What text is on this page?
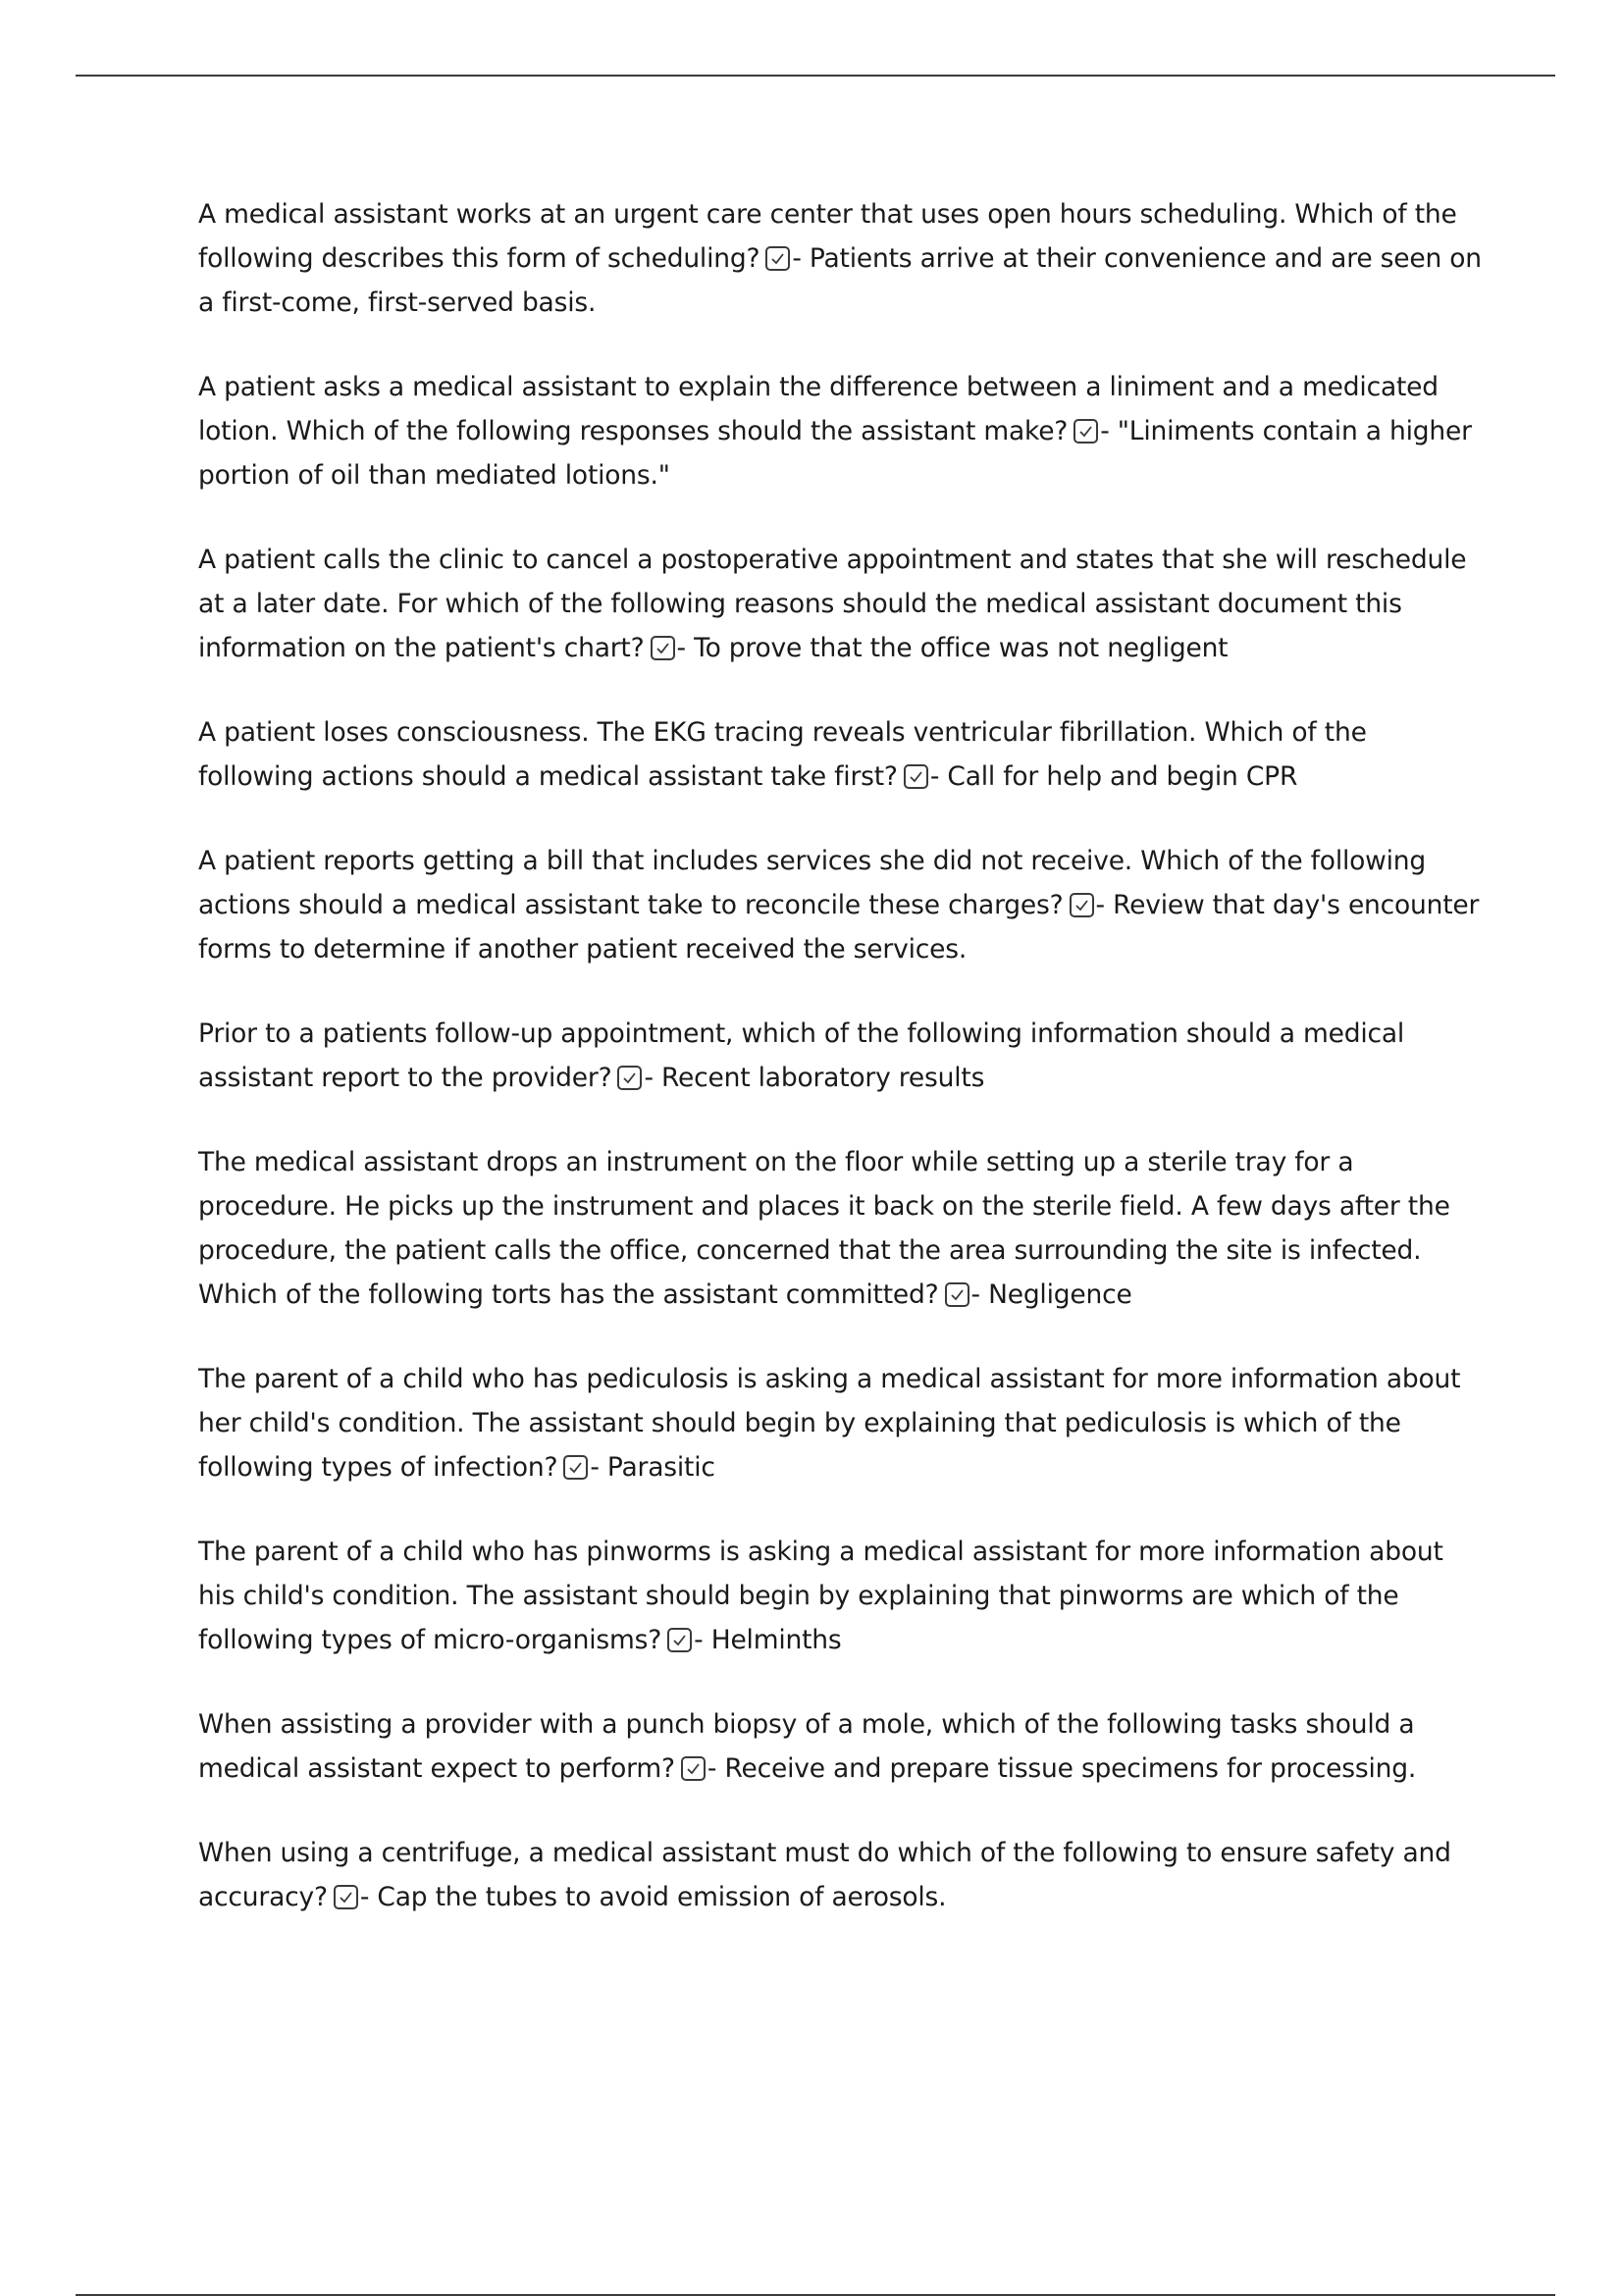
A medical assistant works at an urgent care center that uses open hours scheduling. Which of the following describes this form of scheduling? - Patients arrive at their convenience and are seen on a first-come, first-served basis.

A patient asks a medical assistant to explain the difference between a liniment and a medicated lotion. Which of the following responses should the assistant make? - "Liniments contain a higher portion of oil than mediated lotions."

A patient calls the clinic to cancel a postoperative appointment and states that she will reschedule at a later date. For which of the following reasons should the medical assistant document this information on the patient's chart? - To prove that the office was not negligent

A patient loses consciousness. The EKG tracing reveals ventricular fibrillation. Which of the following actions should a medical assistant take first? - Call for help and begin CPR

A patient reports getting a bill that includes services she did not receive. Which of the following actions should a medical assistant take to reconcile these charges? - Review that day's encounter forms to determine if another patient received the services.

Prior to a patients follow-up appointment, which of the following information should a medical assistant report to the provider? - Recent laboratory results

The medical assistant drops an instrument on the floor while setting up a sterile tray for a procedure. He picks up the instrument and places it back on the sterile field. A few days after the procedure, the patient calls the office, concerned that the area surrounding the site is infected. Which of the following torts has the assistant committed? - Negligence

The parent of a child who has pediculosis is asking a medical assistant for more information about her child's condition. The assistant should begin by explaining that pediculosis is which of the following types of infection? - Parasitic

The parent of a child who has pinworms is asking a medical assistant for more information about his child's condition. The assistant should begin by explaining that pinworms are which of the following types of micro-organisms? - Helminths

When assisting a provider with a punch biopsy of a mole, which of the following tasks should a medical assistant expect to perform? - Receive and prepare tissue specimens for processing.

When using a centrifuge, a medical assistant must do which of the following to ensure safety and accuracy? - Cap the tubes to avoid emission of aerosols.
